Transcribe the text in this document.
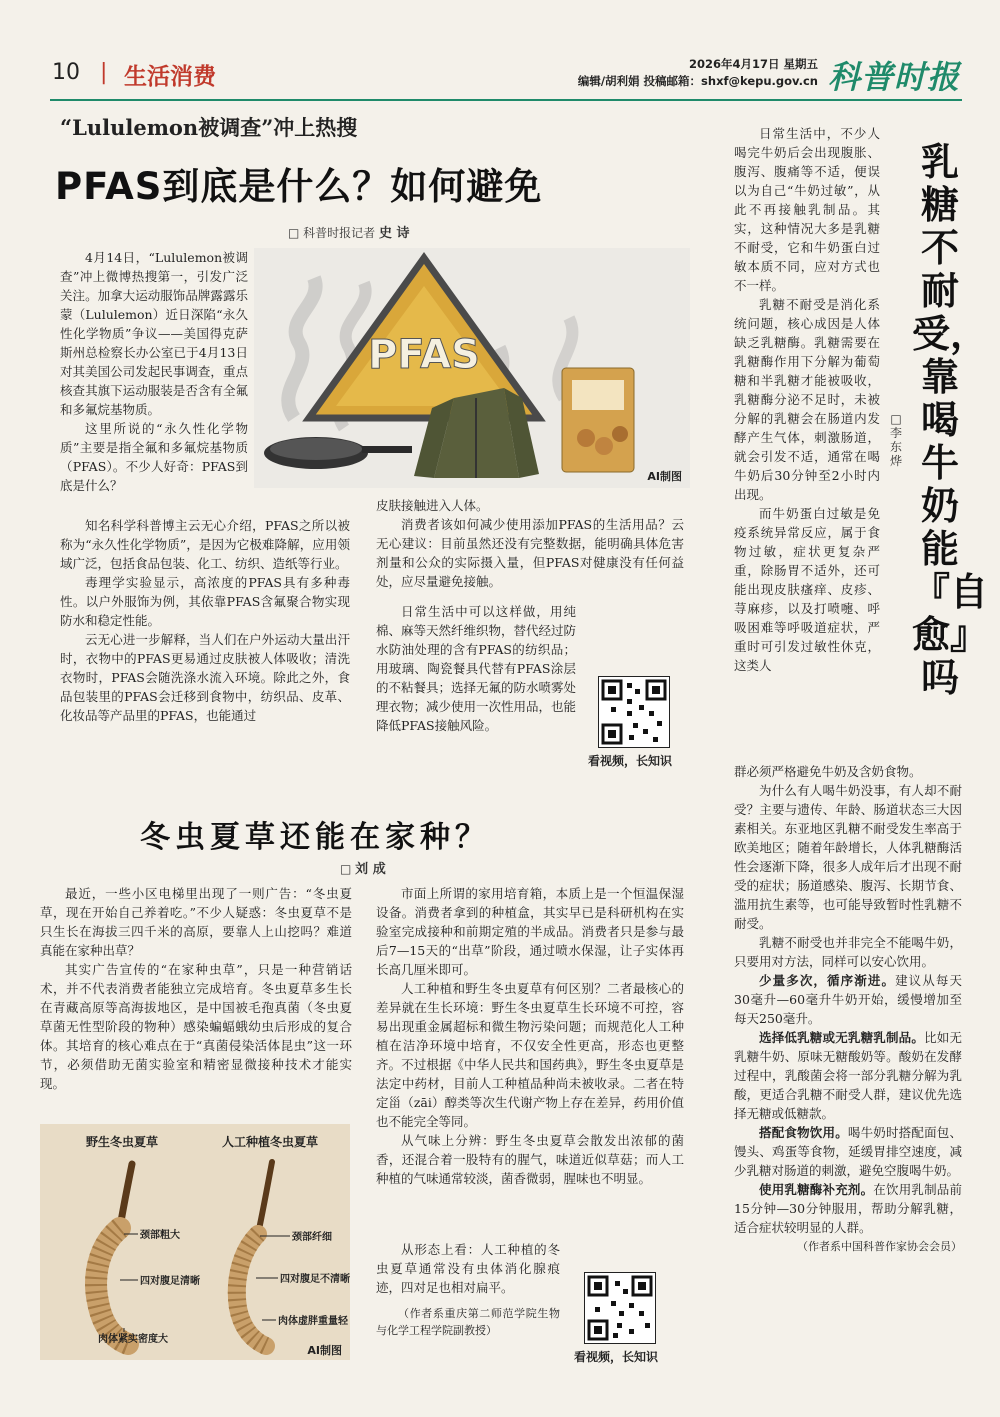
10 | 生活消费	2026年4月17日 星期五
编辑/胡利娟 投稿邮箱：shxf@kepu.gov.cn 科普时报
“Lululemon被调查”冲上热搜
PFAS到底是什么？如何避免
□ 科普时报记者 史 诗
PFAS
AI制图

4月14日，“Lululemon被调查”冲上微博热搜第一，引发广泛关注。加拿大运动服饰品牌露露乐蒙（Lululemon）近日深陷“永久性化学物质”争议——美国得克萨斯州总检察长办公室已于4月13日对其美国公司发起民事调查，重点核查其旗下运动服装是否含有全氟和多氟烷基物质。

这里所说的“永久性化学物质”主要是指全氟和多氟烷基物质（PFAS）。不少人好奇：PFAS到底是什么？

知名科学科普博主云无心介绍，PFAS之所以被称为“永久性化学物质”，是因为它极难降解，应用领域广泛，包括食品包装、化工、纺织、造纸等行业。

毒理学实验显示，高浓度的PFAS具有多种毒性。以户外服饰为例，其依靠PFAS含氟聚合物实现防水和稳定性能。

云无心进一步解释，当人们在户外运动大量出汗时，衣物中的PFAS更易通过皮肤被人体吸收；清洗衣物时，PFAS会随洗涤水流入环境。除此之外，食品包装里的PFAS会迁移到食物中，纺织品、皮革、化妆品等产品里的PFAS，也能通过

皮肤接触进入人体。

消费者该如何减少使用添加PFAS的生活用品？云无心建议：目前虽然还没有完整数据，能明确具体危害剂量和公众的实际摄入量，但PFAS对健康没有任何益处，应尽量避免接触。

日常生活中可以这样做，用纯棉、麻等天然纤维织物，替代经过防水防油处理的含有PFAS的纺织品；用玻璃、陶瓷餐具代替有PFAS涂层的不粘餐具；选择无氟的防水喷雾处理衣物；减少使用一次性用品，也能降低PFAS接触风险。

看视频，长知识
冬虫夏草还能在家种？
□ 刘 成

最近，一些小区电梯里出现了一则广告：“冬虫夏草，现在开始自己养着吃。”不少人疑惑：冬虫夏草不是只生长在海拔三四千米的高原，要靠人上山挖吗？难道真能在家种出草？

其实广告宣传的“在家种虫草”，只是一种营销话术，并不代表消费者能独立完成培育。冬虫夏草多生长在青藏高原等高海拔地区，是中国被毛孢真菌（冬虫夏草菌无性型阶段的物种）感染蝙蝠蛾幼虫后形成的复合体。其培育的核心难点在于“真菌侵染活体昆虫”这一环节，必须借助无菌实验室和精密显微接种技术才能实现。

野生冬虫夏草	人工种植冬虫夏草
颈部粗大
四对腹足清晰
肉体紧实密度大
颈部纤细
四对腹足不清晰
肉体虚胖重量轻
AI制图

市面上所谓的家用培育箱，本质上是一个恒温保湿设备。消费者拿到的种植盒，其实早已是科研机构在实验室完成接种和前期定殖的半成品。消费者只是参与最后7—15天的“出草”阶段，通过喷水保湿，让子实体再长高几厘米即可。

人工种植和野生冬虫夏草有何区别？二者最核心的差异就在生长环境：野生冬虫夏草生长环境不可控，容易出现重金属超标和微生物污染问题；而规范化人工种植在洁净环境中培育，不仅安全性更高，形态也更整齐。不过根据《中华人民共和国药典》，野生冬虫夏草是法定中药材，目前人工种植品种尚未被收录。二者在特定甾（zāi）醇类等次生代谢产物上存在差异，药用价值也不能完全等同。

从气味上分辨：野生冬虫夏草会散发出浓郁的菌香，还混合着一股特有的腥气，味道近似草菇；而人工种植的气味通常较淡，菌香微弱，腥味也不明显。

从形态上看：人工种植的冬虫夏草通常没有虫体消化腺痕迹，四对足也相对扁平。

（作者系重庆第二师范学院生物与化学工程学院副教授）

看视频，长知识
乳糖不耐受，靠喝牛奶能『自愈』吗
□
李东烨

日常生活中，不少人喝完牛奶后会出现腹胀、腹泻、腹痛等不适，便误以为自己“牛奶过敏”，从此不再接触乳制品。其实，这种情况大多是乳糖不耐受，它和牛奶蛋白过敏本质不同，应对方式也不一样。

乳糖不耐受是消化系统问题，核心成因是人体缺乏乳糖酶。乳糖需要在乳糖酶作用下分解为葡萄糖和半乳糖才能被吸收，乳糖酶分泌不足时，未被分解的乳糖会在肠道内发酵产生气体，刺激肠道，就会引发不适，通常在喝牛奶后30分钟至2小时内出现。

而牛奶蛋白过敏是免疫系统异常反应，属于食物过敏，症状更复杂严重，除肠胃不适外，还可能出现皮肤瘙痒、皮疹、荨麻疹，以及打喷嚏、呼吸困难等呼吸道症状，严重时可引发过敏性休克，这类人

群必须严格避免牛奶及含奶食物。

为什么有人喝牛奶没事，有人却不耐受？主要与遗传、年龄、肠道状态三大因素相关。东亚地区乳糖不耐受发生率高于欧美地区；随着年龄增长，人体乳糖酶活性会逐渐下降，很多人成年后才出现不耐受的症状；肠道感染、腹泻、长期节食、滥用抗生素等，也可能导致暂时性乳糖不耐受。

乳糖不耐受也并非完全不能喝牛奶，只要用对方法，同样可以安心饮用。

少量多次，循序渐进。建议从每天30毫升—60毫升牛奶开始，缓慢增加至每天250毫升。

选择低乳糖或无乳糖乳制品。比如无乳糖牛奶、原味无糖酸奶等。酸奶在发酵过程中，乳酸菌会将一部分乳糖分解为乳酸，更适合乳糖不耐受人群，建议优先选择无糖或低糖款。

搭配食物饮用。喝牛奶时搭配面包、馒头、鸡蛋等食物，延缓胃排空速度，减少乳糖对肠道的刺激，避免空腹喝牛奶。

使用乳糖酶补充剂。在饮用乳制品前15分钟—30分钟服用，帮助分解乳糖，适合症状较明显的人群。

（作者系中国科普作家协会会员）
